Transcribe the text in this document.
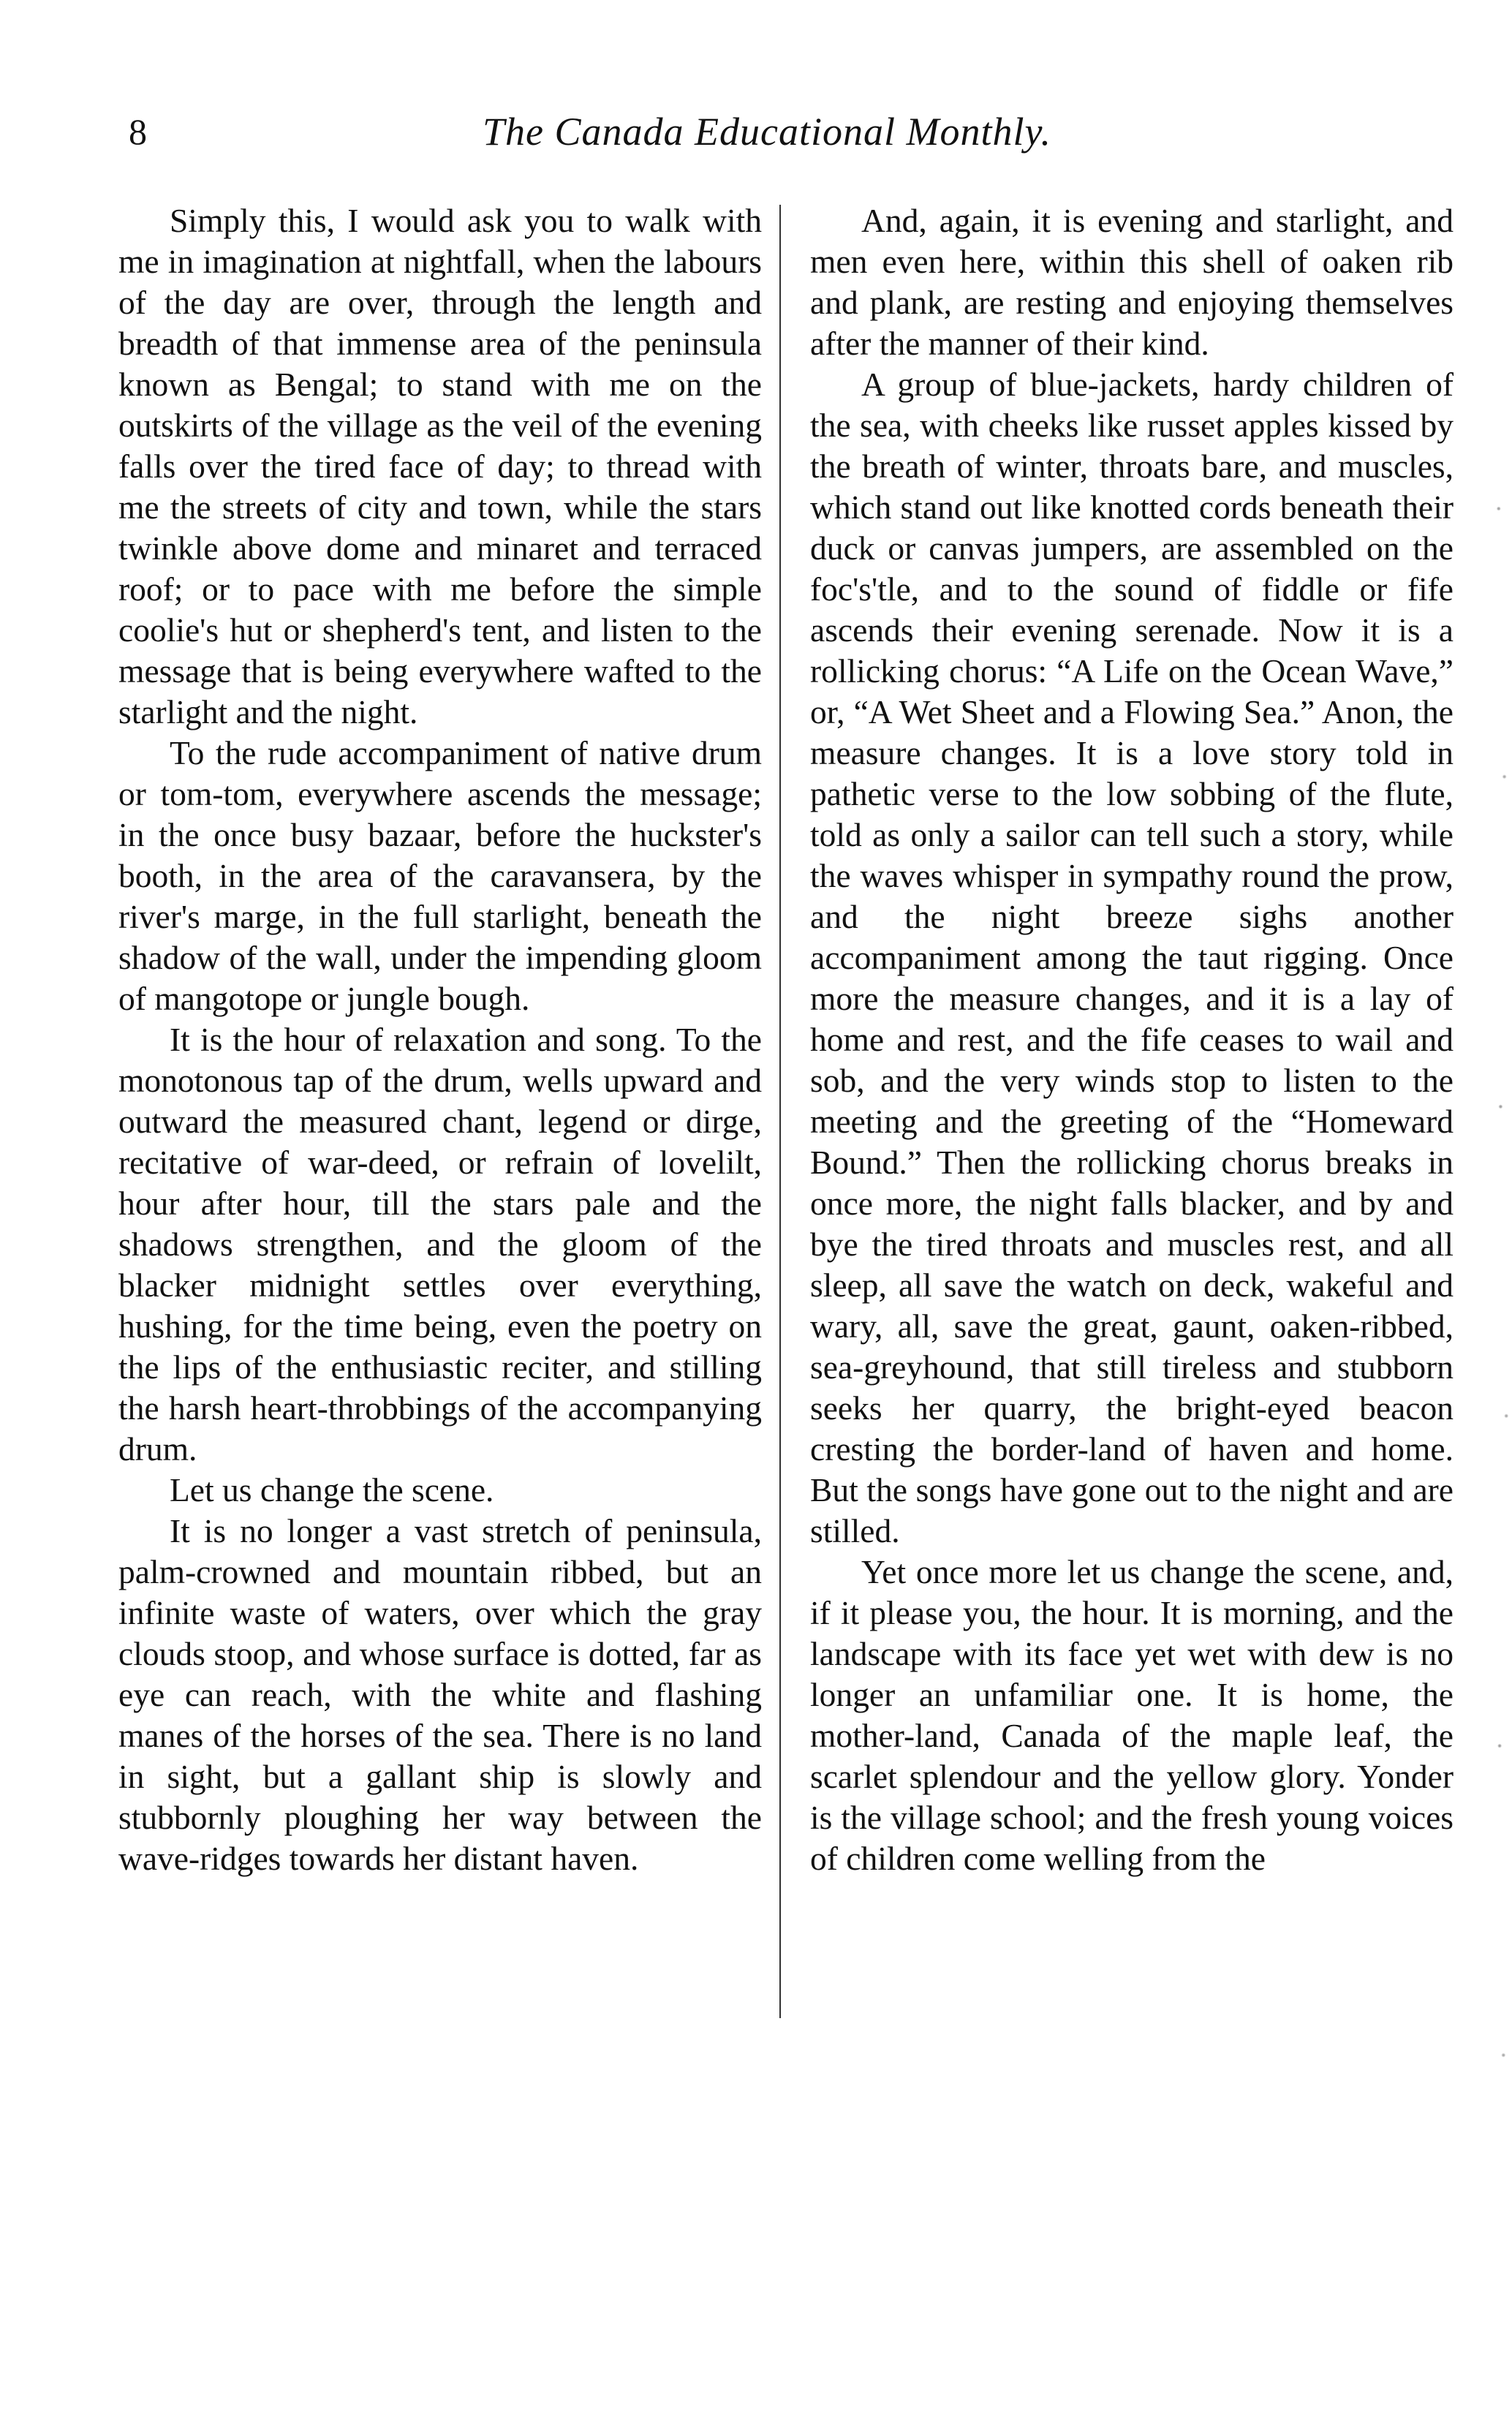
8	The Canada Educational Monthly.

Simply this, I would ask you to walk with me in imagination at nightfall, when the labours of the day are over, through the length and breadth of that immense area of the peninsula known as Bengal; to stand with me on the outskirts of the village as the veil of the evening falls over the tired face of day; to thread with me the streets of city and town, while the stars twinkle above dome and minaret and terraced roof; or to pace with me before the simple coolie's hut or shepherd's tent, and listen to the message that is being everywhere wafted to the starlight and the night.

To the rude accompaniment of native drum or tom-tom, everywhere ascends the message; in the once busy bazaar, before the huckster's booth, in the area of the caravansera, by the river's marge, in the full starlight, beneath the shadow of the wall, under the impending gloom of mangotope or jungle bough.

It is the hour of relaxation and song. To the monotonous tap of the drum, wells upward and outward the measured chant, legend or dirge, recitative of war-deed, or refrain of lovelilt, hour after hour, till the stars pale and the shadows strengthen, and the gloom of the blacker midnight settles over everything, hushing, for the time being, even the poetry on the lips of the enthusiastic reciter, and stilling the harsh heart-throbbings of the accompanying drum.

Let us change the scene.

It is no longer a vast stretch of peninsula, palm-crowned and mountain ribbed, but an infinite waste of waters, over which the gray clouds stoop, and whose surface is dotted, far as eye can reach, with the white and flashing manes of the horses of the sea. There is no land in sight, but a gallant ship is slowly and stubbornly ploughing her way between the wave-ridges towards her distant haven.

And, again, it is evening and starlight, and men even here, within this shell of oaken rib and plank, are resting and enjoying themselves after the manner of their kind.

A group of blue-jackets, hardy children of the sea, with cheeks like russet apples kissed by the breath of winter, throats bare, and muscles, which stand out like knotted cords beneath their duck or canvas jumpers, are assembled on the foc's'tle, and to the sound of fiddle or fife ascends their evening serenade. Now it is a rollicking chorus: “A Life on the Ocean Wave,” or, “A Wet Sheet and a Flowing Sea.” Anon, the measure changes. It is a love story told in pathetic verse to the low sobbing of the flute, told as only a sailor can tell such a story, while the waves whisper in sympathy round the prow, and the night breeze sighs another accompaniment among the taut rigging. Once more the measure changes, and it is a lay of home and rest, and the fife ceases to wail and sob, and the very winds stop to listen to the meeting and the greeting of the “Homeward Bound.” Then the rollicking chorus breaks in once more, the night falls blacker, and by and bye the tired throats and muscles rest, and all sleep, all save the watch on deck, wakeful and wary, all, save the great, gaunt, oaken-ribbed, sea-greyhound, that still tireless and stubborn seeks her quarry, the bright-eyed beacon cresting the border-land of haven and home. But the songs have gone out to the night and are stilled.

Yet once more let us change the scene, and, if it please you, the hour. It is morning, and the landscape with its face yet wet with dew is no longer an unfamiliar one. It is home, the mother-land, Canada of the maple leaf, the scarlet splendour and the yellow glory. Yonder is the village school; and the fresh young voices of children come welling from the
